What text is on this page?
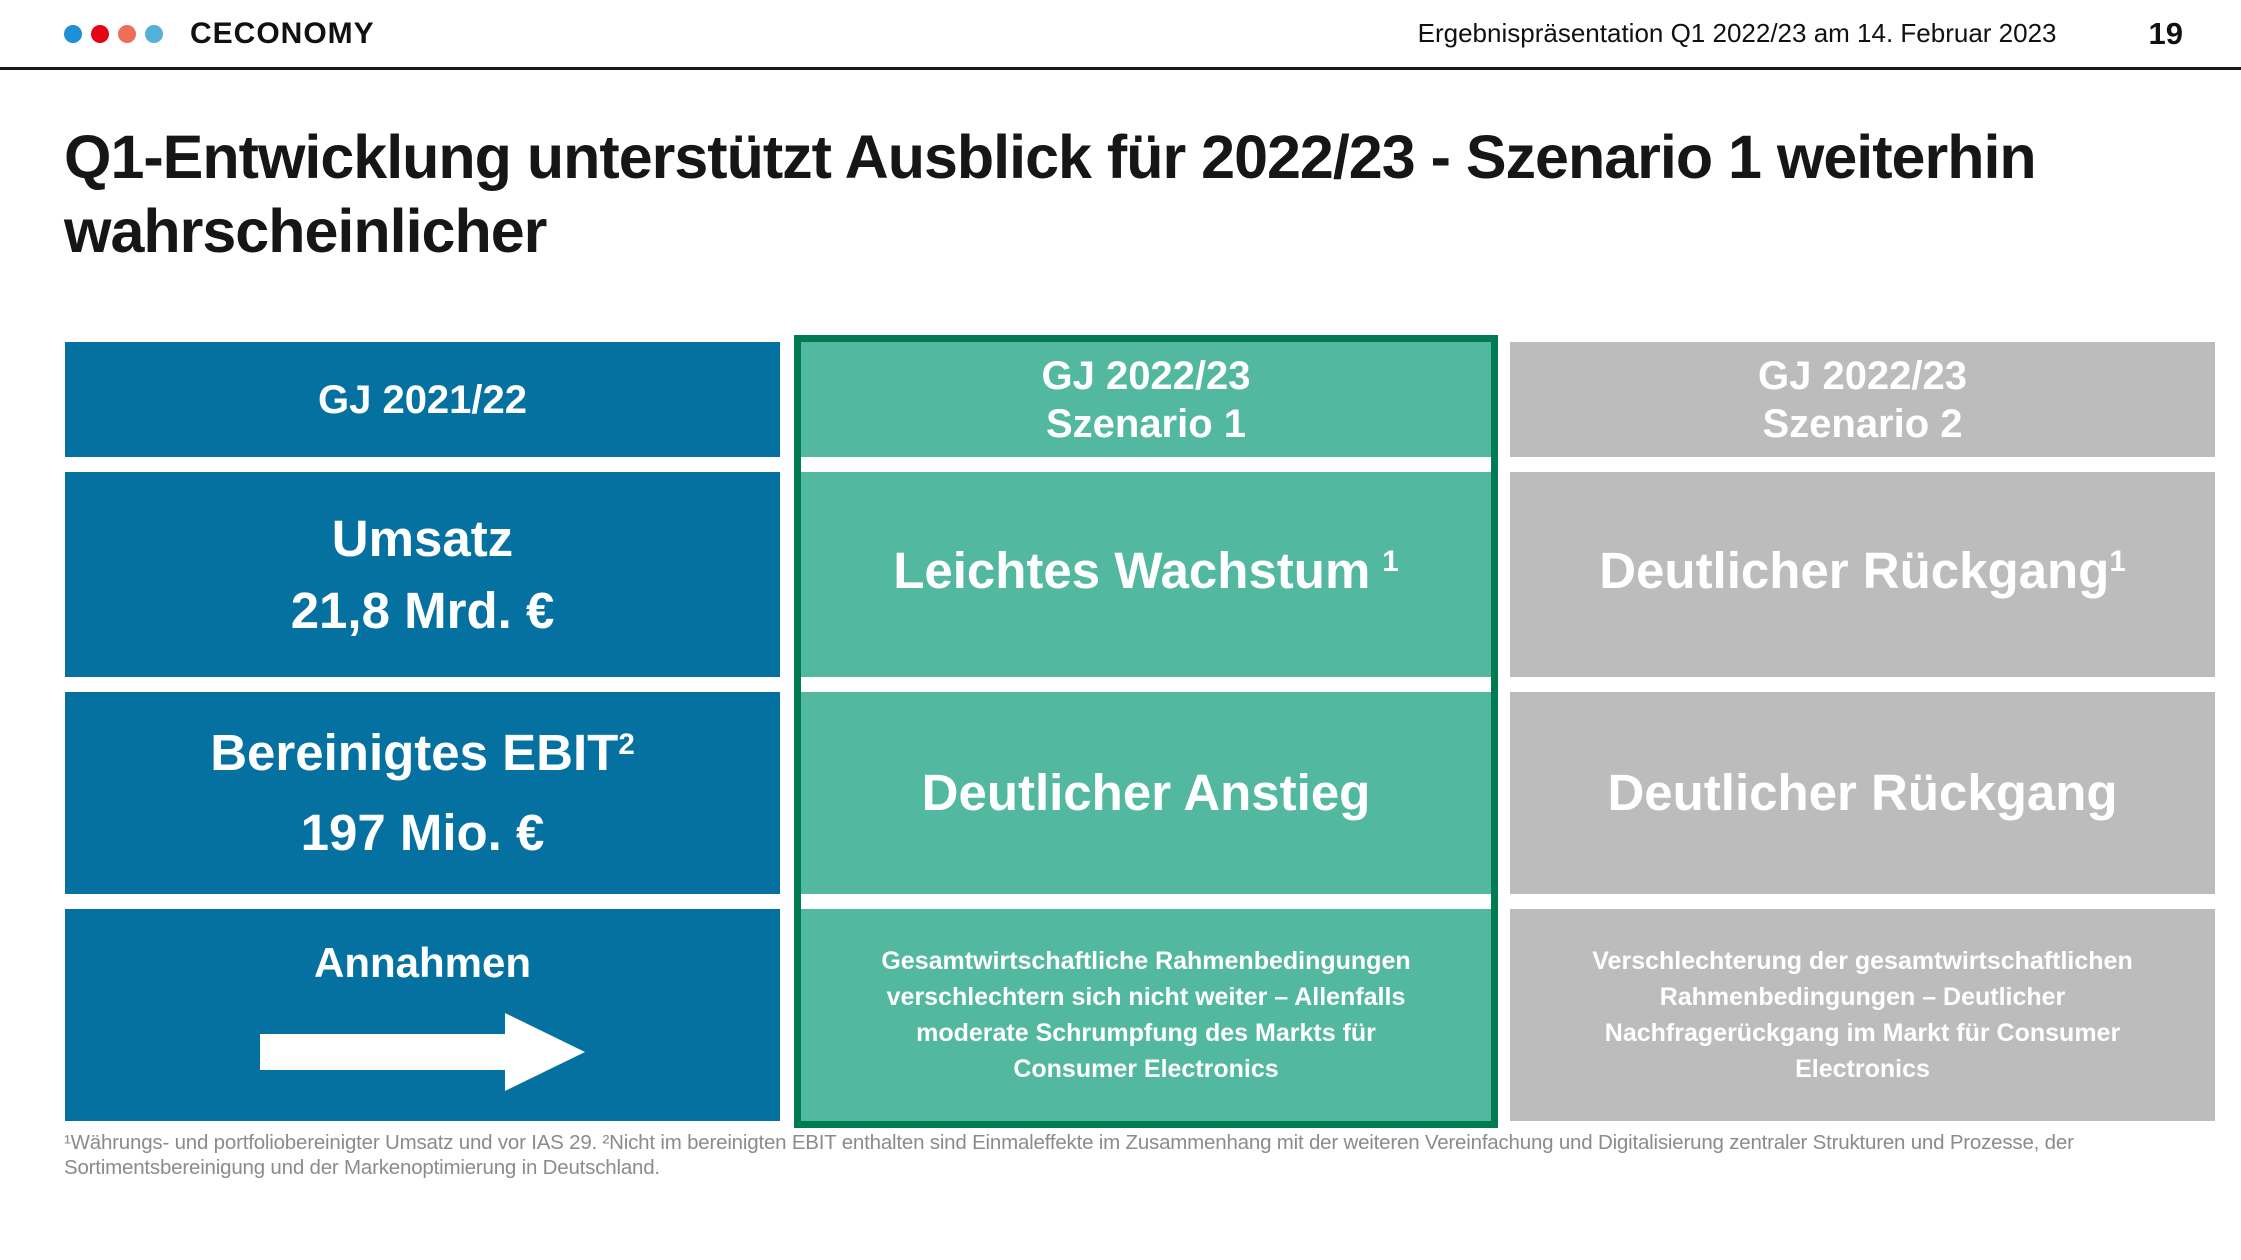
CECONOMY	Ergebnispräsentation Q1 2022/23 am 14. Februar 2023	19
Q1-Entwicklung unterstützt Ausblick für 2022/23 - Szenario 1 weiterhin
wahrscheinlicher
GJ 2021/22
Umsatz
21,8 Mrd. €
Bereinigtes EBIT$^2$
197 Mio. €
Annahmen
GJ 2022/23
Szenario 1
Leichtes Wachstum $^1$
Deutlicher Anstieg
Gesamtwirtschaftliche Rahmenbedingungen verschlechtern sich nicht weiter – Allenfalls moderate Schrumpfung des Markts für Consumer Electronics
GJ 2022/23
Szenario 2
Deutlicher Rückgang$^1$
Deutlicher Rückgang
Verschlechterung der gesamtwirtschaftlichen Rahmenbedingungen – Deutlicher Nachfragerückgang im Markt für Consumer Electronics
¹Währungs- und portfoliobereinigter Umsatz und vor IAS 29. ²Nicht im bereinigten EBIT enthalten sind Einmaleffekte im Zusammenhang mit der weiteren Vereinfachung und Digitalisierung zentraler Strukturen und Prozesse, der Sortimentsbereinigung und der Markenoptimierung in Deutschland.
